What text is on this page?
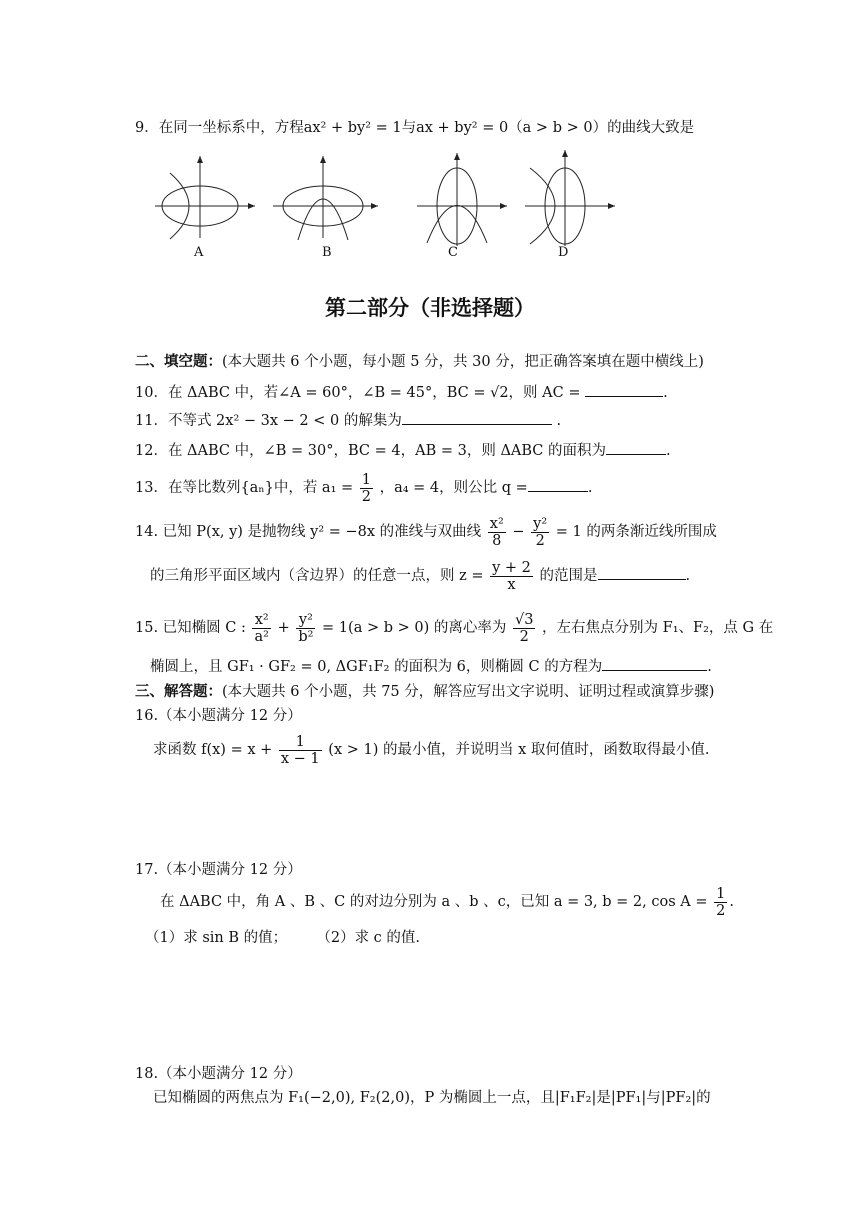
9．在同一坐标系中，方程ax² + by² = 1与ax + by² = 0（a > b > 0）的曲线大致是
A	B	C	D
第二部分（非选择题）
二、填空题：(本大题共 6 个小题，每小题 5 分，共 30 分，把正确答案填在题中横线上)
10．在 ΔABC 中，若∠A = 60°，∠B = 45°，BC = √2，则 AC =	.
11．不等式 2x² − 3x − 2 < 0 的解集为	.
12．在 ΔABC 中，∠B = 30°，BC = 4，AB = 3，则 ΔABC 的面积为	.
13．在等比数列{aₙ}中，若 $a_1 = \frac{1}{2}$ ，a₄ = 4，则公比 q =	.
14. 已知 P(x, y) 是抛物线 y² = −8x 的准线与双曲线 $\frac{\text{x²}}{8} - \frac{\text{y²}}{2} = 1$ 的两条渐近线所围成
的三角形平面区域内（含边界）的任意一点，则 $z = \frac{y + 2}{x}$ 的范围是	.
15. 已知椭圆 C : $\frac{\text{x²}}{\text{a²}} + \frac{\text{y²}}{\text{b²}} = 1(a > b > 0)$ 的离心率为 $\frac{√3}{2}$ ，左右焦点分别为 F₁、F₂，点 G 在
椭圆上，且 GF₁ · GF₂ = 0, ΔGF₁F₂ 的面积为 6，则椭圆 C 的方程为	.
三、解答题：(本大题共 6 个小题，共 75 分，解答应写出文字说明、证明过程或演算步骤)
16.（本小题满分 12 分）
求函数 $f(x) = x + \frac{1}{x - 1} (x > 1)$ 的最小值，并说明当 x 取何值时，函数取得最小值.
17.（本小题满分 12 分）
在 ΔABC 中，角 A 、B 、C 的对边分别为 a 、b 、c，已知 a = 3, b = 2, $\cos A = \frac{1}{2}$ .
（1）求 sin B 的值； （2）求 c 的值.
18.（本小题满分 12 分）
已知椭圆的两焦点为 F₁(−2,0), F₂(2,0)，P 为椭圆上一点，且|F₁F₂|是|PF₁|与|PF₂|的
